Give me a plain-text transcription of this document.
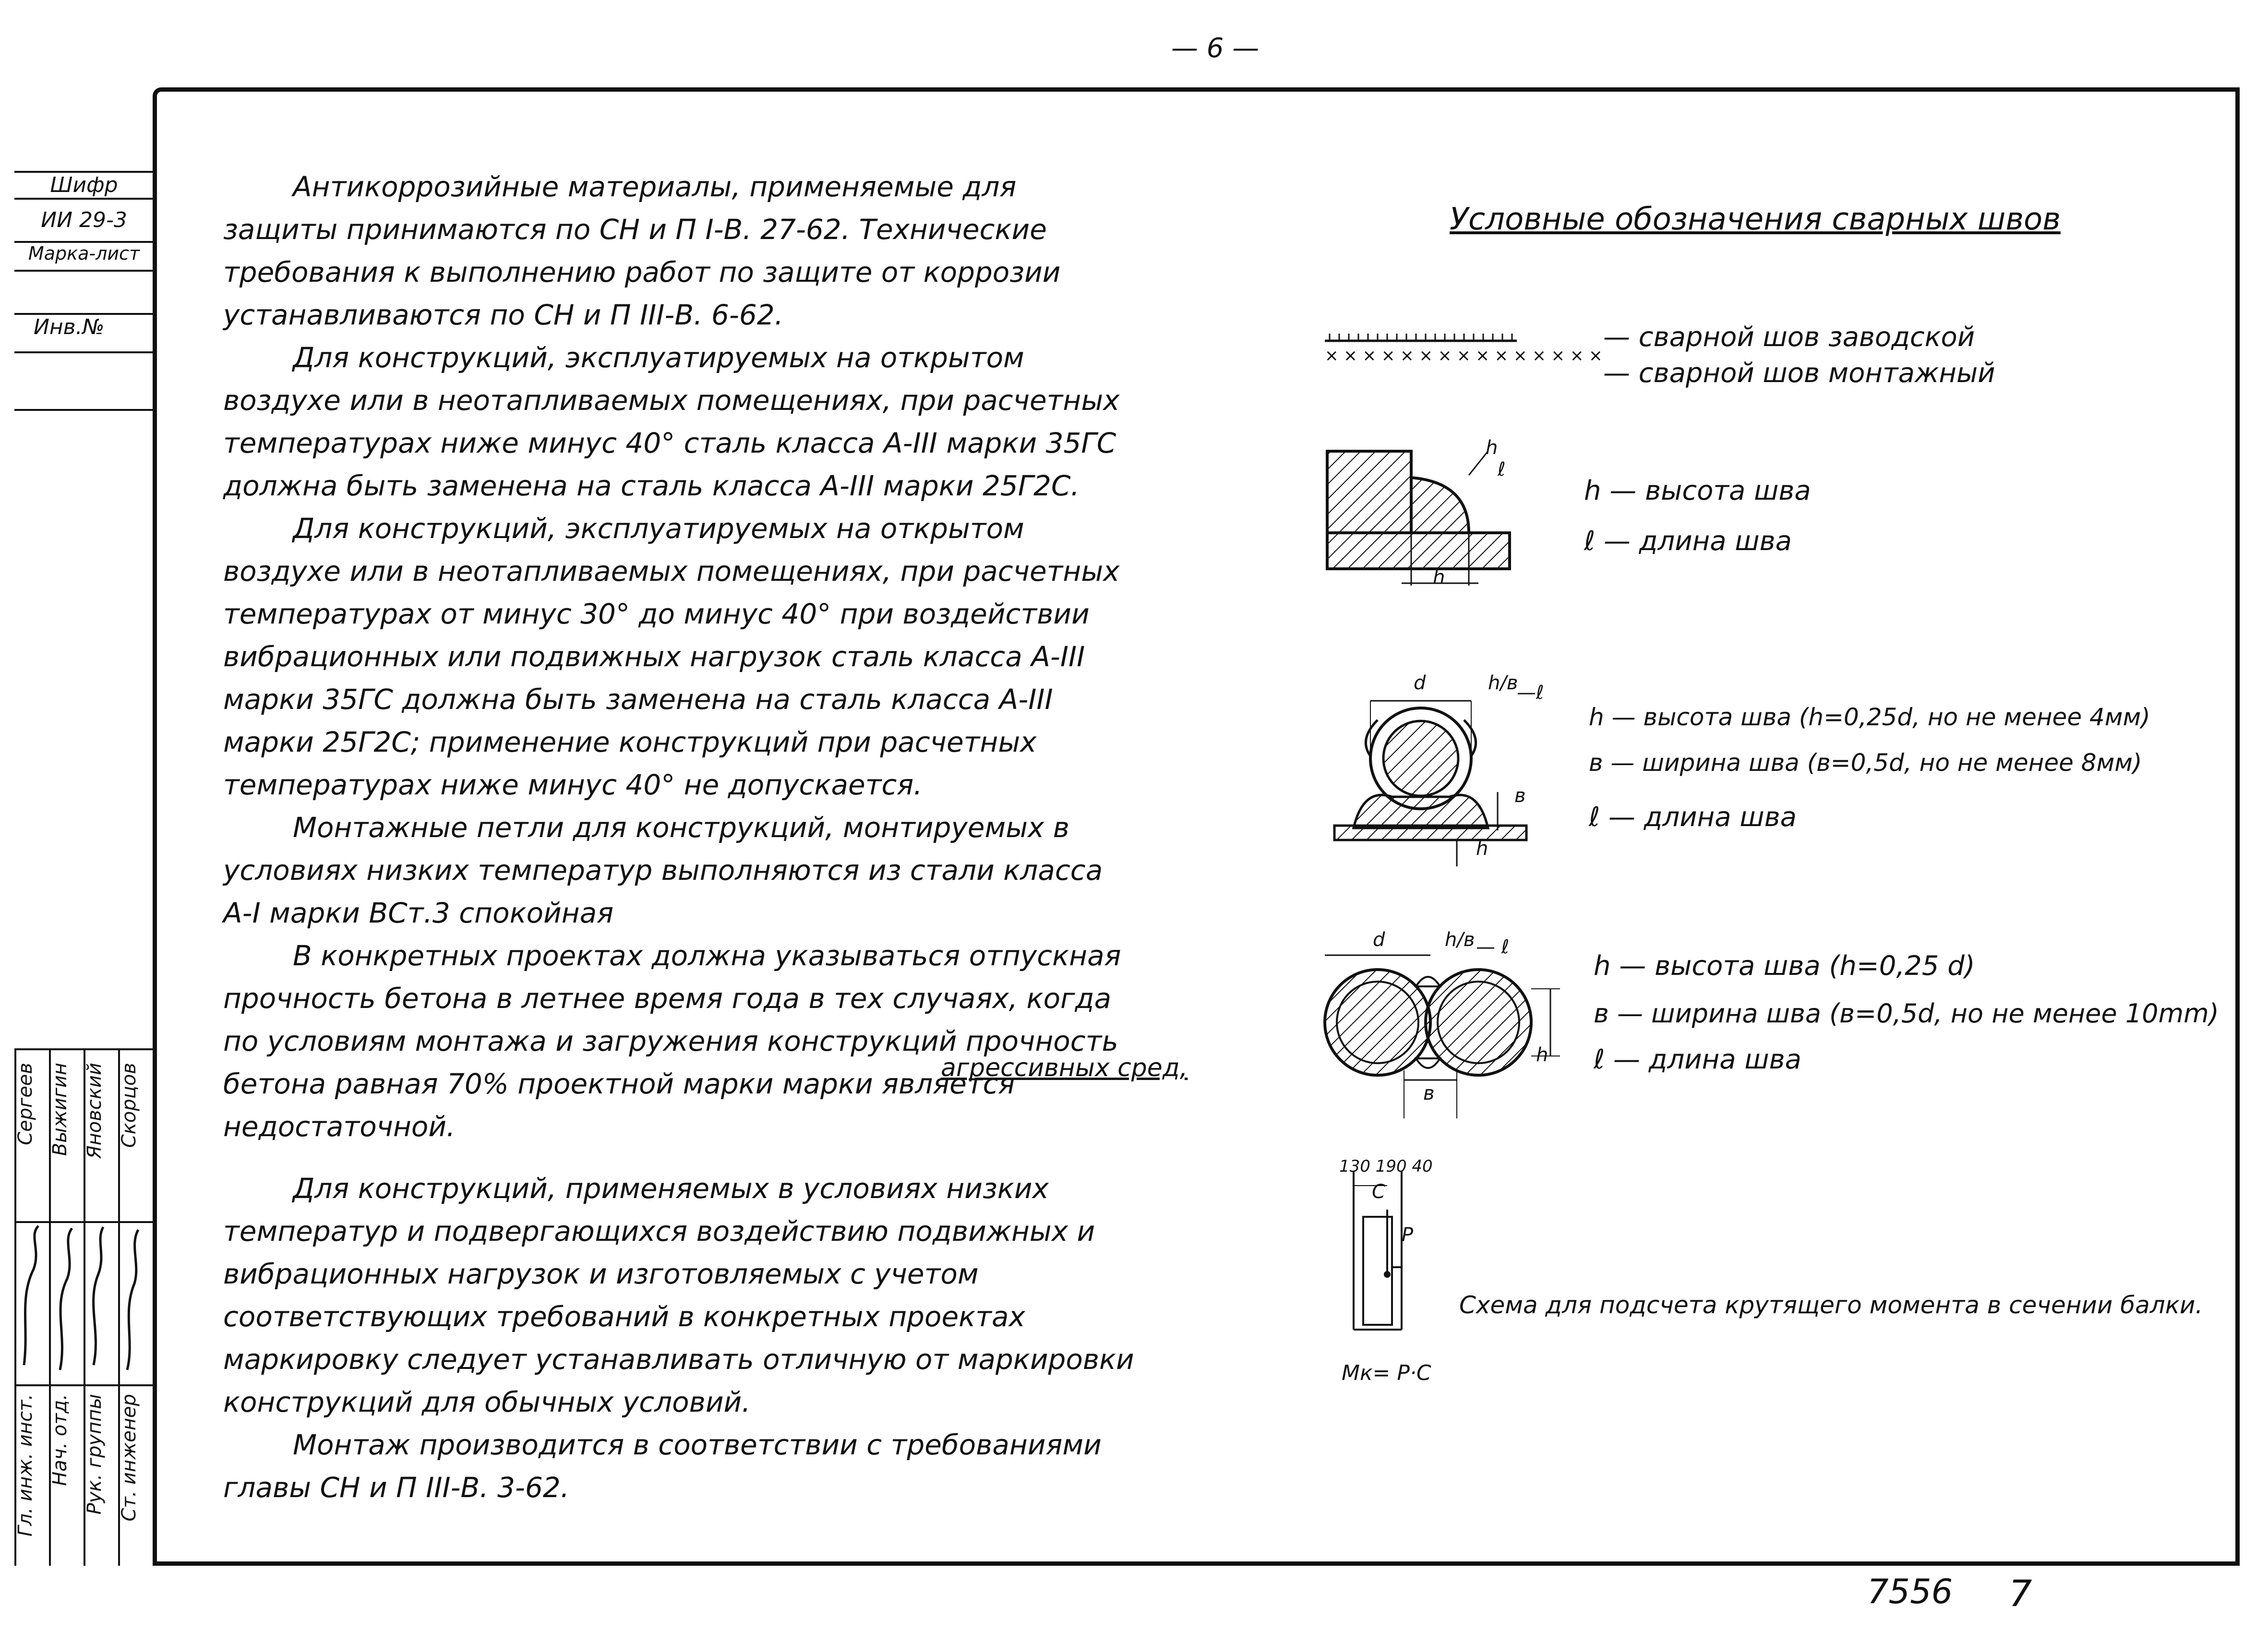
— 6 —
Шифр
ИИ 29-3
Марка-лист
Инв.№
Сергеев Выжигин Яновский Скорцов
Гл. инж. инст. Нач. отд. Рук. группы Ст. инженер

Антикоррозийные материалы, применяемые для защиты принимаются по СН и П I-В. 27-62. Технические требования к выполнению работ по защите от коррозии устанавливаются по СН и П III-В. 6-62.

Для конструкций, эксплуатируемых на открытом воздухе или в неотапливаемых помещениях, при расчетных температурах ниже минус 40° сталь класса А-III марки 35ГС должна быть заменена на сталь класса А-III марки 25Г2С.

Для конструкций, эксплуатируемых на открытом воздухе или в неотапливаемых помещениях, при расчетных температурах от минус 30° до минус 40° при воздействии вибрационных или подвижных нагрузок сталь класса А-III марки 35ГС должна быть заменена на сталь класса А-III марки 25Г2С; применение конструкций при расчетных температурах ниже минус 40° не допускается.

Монтажные петли для конструкций, монтируемых в условиях низких температур выполняются из стали класса А-I марки ВСт.3 спокойная

В конкретных проектах должна указываться отпускная прочность бетона в летнее время года в тех случаях, когда по условиям монтажа и загружения конструкций прочность бетона равная 70% проектной марки марки является недостаточной.

Для конструкций, применяемых в условиях низких температур и подвергающихся воздействию подвижных и вибрационных нагрузок и изготовляемых с учетом соответствующих требований в конкретных проектах маркировку следует устанавливать отличную от маркировки конструкций для обычных условий.

Монтаж производится в соответствии с требованиями главы СН и П III-В. 3-62.

агрессивных сред,
Условные обозначения сварных швов
× × × × × × × × × × × × × × ×
— сварной шов заводской
— сварной шов монтажный
h
ℓ
h
h — высота шва
ℓ — длина шва
d	h/в
—ℓ
в
h
h — высота шва (h=0,25d, но не менее 4мм)
в — ширина шва (в=0,5d, но не менее 8мм)
ℓ — длина шва
d	h/в — ℓ
в
h
h — высота шва (h=0,25 d)
в — ширина шва (в=0,5d, но не менее 10mm)
ℓ — длина шва
130 190 40
C
P
Схема для подсчета крутящего момента в сечении балки.
Mк= P·C
7556 7
